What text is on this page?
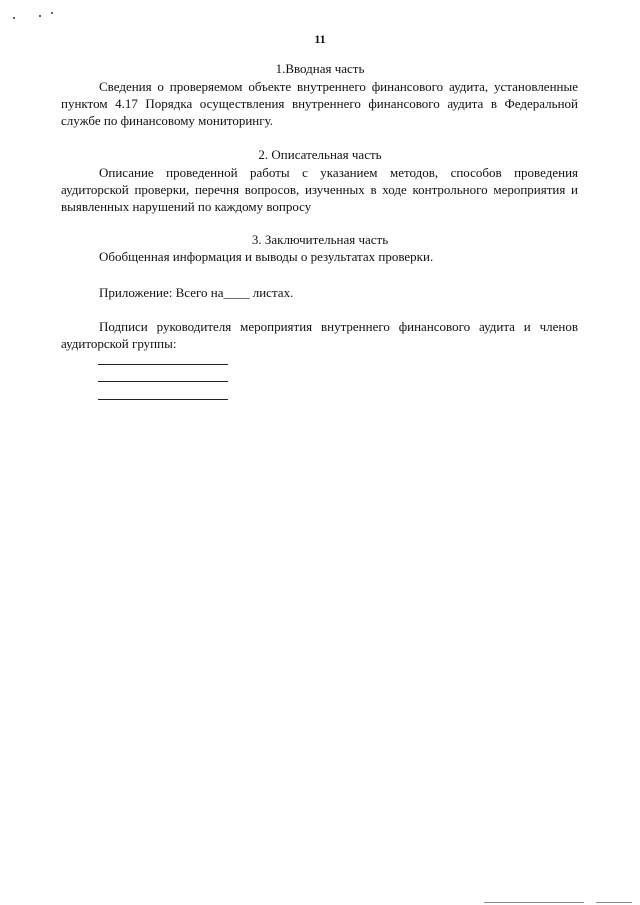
11
1.Вводная часть

Сведения о проверяемом объекте внутреннего финансового аудита, установленные пунктом 4.17 Порядка осуществления внутреннего финансового аудита в Федеральной службе по финансовому мониторингу.

2. Описательная часть

Описание проведенной работы с указанием методов, способов проведения аудиторской проверки, перечня вопросов, изученных в ходе контрольного мероприятия и выявленных нарушений по каждому вопросу

3. Заключительная часть

Обобщенная информация и выводы о результатах проверки.

Приложение: Всего на____ листах.

Подписи руководителя мероприятия внутреннего финансового аудита и членов аудиторской группы:
